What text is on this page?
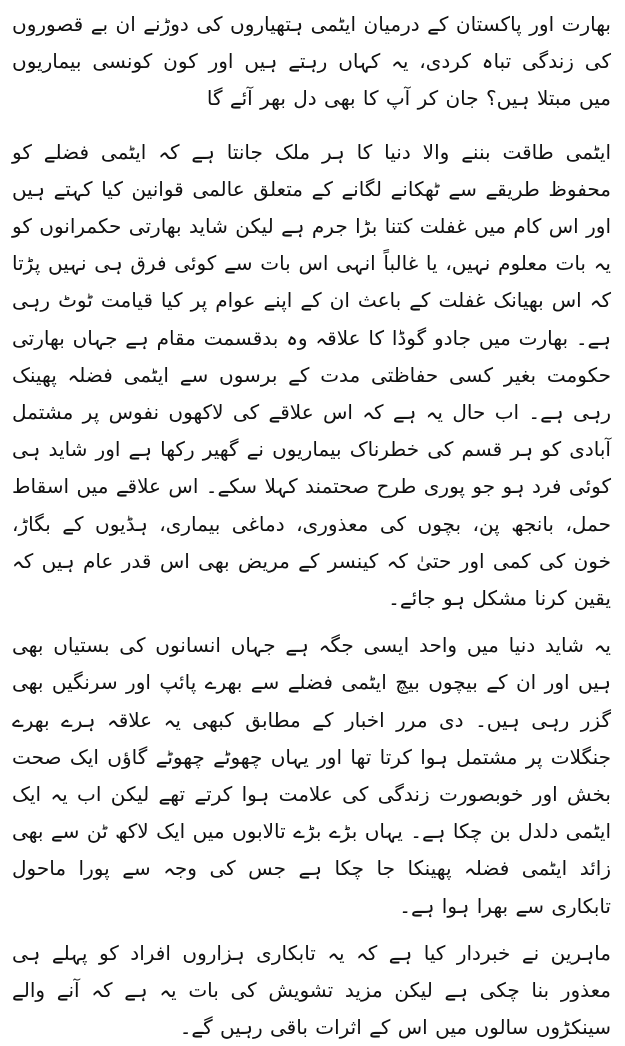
بھارت اور پاکستان کے درمیان ایٹمی ہتھیاروں کی دوڑنے ان بے قصوروں کی زندگی تباہ کردی، یہ کہاں رہتے ہیں اور کون کونسی بیماریوں میں مبتلا ہیں؟ جان کر آپ کا بھی دل بھر آئے گا

ایٹمی طاقت بننے والا دنیا کا ہر ملک جانتا ہے کہ ایٹمی فضلے کو محفوظ طریقے سے ٹھکانے لگانے کے متعلق عالمی قوانین کیا کہتے ہیں اور اس کام میں غفلت کتنا بڑا جرم ہے لیکن شاید بھارتی حکمرانوں کو یہ بات معلوم نہیں، یا غالباً انہی اس بات سے کوئی فرق ہی نہیں پڑتا کہ اس بھیانک غفلت کے باعث ان کے اپنے عوام پر کیا قیامت ٹوٹ رہی ہے۔ بھارت میں جادو گوڈا کا علاقہ وہ بدقسمت مقام ہے جہاں بھارتی حکومت بغیر کسی حفاظتی مدت کے برسوں سے ایٹمی فضلہ پھینک رہی ہے۔ اب حال یہ ہے کہ اس علاقے کی لاکھوں نفوس پر مشتمل آبادی کو ہر قسم کی خطرناک بیماریوں نے گھیر رکھا ہے اور شاید ہی کوئی فرد ہو جو پوری طرح صحتمند کہلا سکے۔ اس علاقے میں اسقاط حمل، بانجھ پن، بچوں کی معذوری، دماغی بیماری، ہڈیوں کے بگاڑ، خون کی کمی اور حتیٰ کہ کینسر کے مریض بھی اس قدر عام ہیں کہ یقین کرنا مشکل ہو جائے۔

یہ شاید دنیا میں واحد ایسی جگہ ہے جہاں انسانوں کی بستیاں بھی ہیں اور ان کے بیچوں بیچ ایٹمی فضلے سے بھرے پائپ اور سرنگیں بھی گزر رہی ہیں۔ دی مرر اخبار کے مطابق کبھی یہ علاقہ ہرے بھرے جنگلات پر مشتمل ہوا کرتا تھا اور یہاں چھوٹے چھوٹے گاؤں ایک صحت بخش اور خوبصورت زندگی کی علامت ہوا کرتے تھے لیکن اب یہ ایک ایٹمی دلدل بن چکا ہے۔ یہاں بڑے بڑے تالابوں میں ایک لاکھ ٹن سے بھی زائد ایٹمی فضلہ پھینکا جا چکا ہے جس کی وجہ سے پورا ماحول تابکاری سے بھرا ہوا ہے۔

ماہرین نے خبردار کیا ہے کہ یہ تابکاری ہزاروں افراد کو پہلے ہی معذور بنا چکی ہے لیکن مزید تشویش کی بات یہ ہے کہ آنے والے سینکڑوں سالوں میں اس کے اثرات باقی رہیں گے۔
